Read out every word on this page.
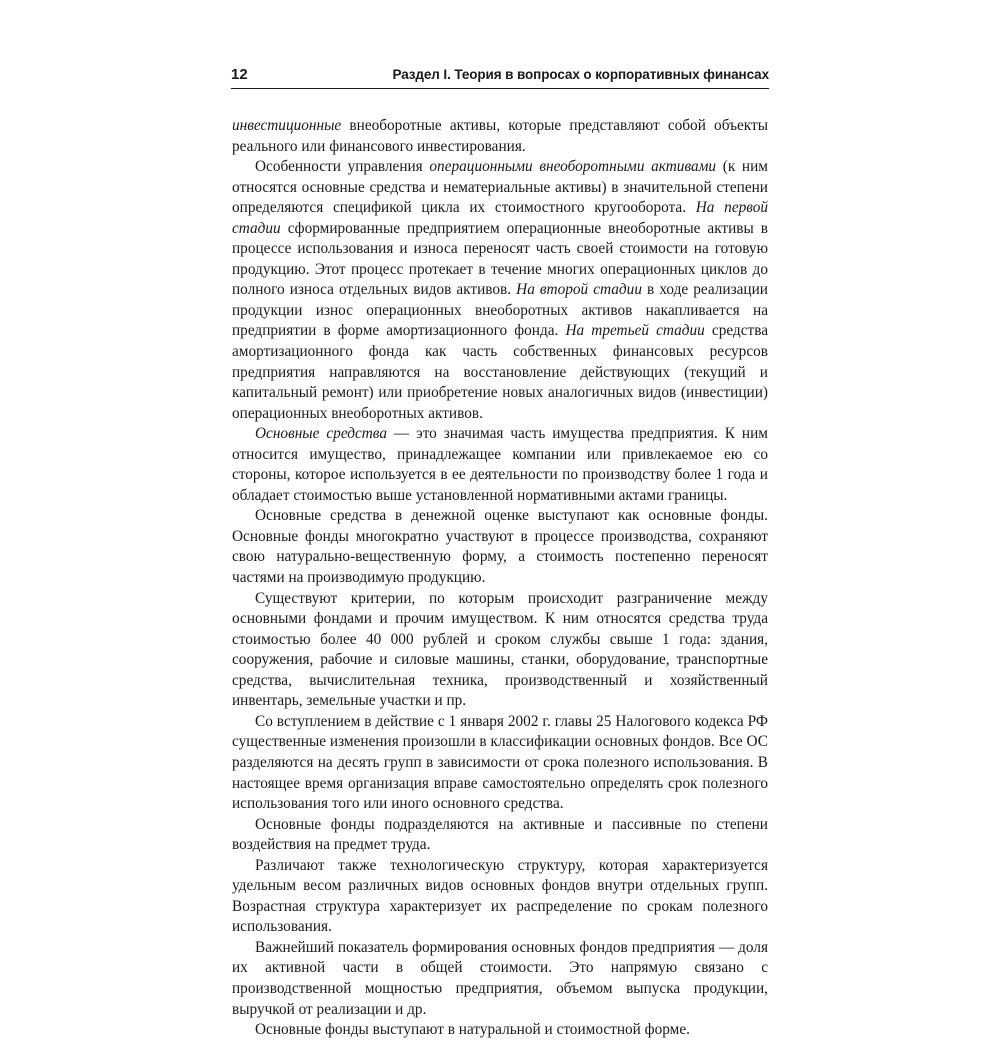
12	Раздел I. Теория в вопросах о корпоративных финансах

инвестиционные внеоборотные активы, которые представляют собой объекты реального или финансового инвестирования.

Особенности управления операционными внеоборотными активами (к ним относятся основные средства и нематериальные активы) в значительной степени определяются спецификой цикла их стоимостного кругооборота. На первой стадии сформированные предприятием операционные внеоборотные активы в процессе использования и износа переносят часть своей стоимости на готовую продукцию. Этот процесс протекает в течение многих операционных циклов до полного износа отдельных видов активов. На второй стадии в ходе реализации продукции износ операционных внеоборотных активов накапливается на предприятии в форме амортизационного фонда. На третьей стадии средства амортизационного фонда как часть собственных финансовых ресурсов предприятия направляются на восстановление действующих (текущий и капитальный ремонт) или приобретение новых аналогичных видов (инвестиции) операционных внеоборотных активов.

Основные средства — это значимая часть имущества предприятия. К ним относится имущество, принадлежащее компании или привлекаемое ею со стороны, которое используется в ее деятельности по производству более 1 года и обладает стоимостью выше установленной нормативными актами границы.

Основные средства в денежной оценке выступают как основные фонды. Основные фонды многократно участвуют в процессе производства, сохраняют свою натурально-вещественную форму, а стоимость постепенно переносят частями на производимую продукцию.

Существуют критерии, по которым происходит разграничение между основными фондами и прочим имуществом. К ним относятся средства труда стоимостью более 40 000 рублей и сроком службы свыше 1 года: здания, сооружения, рабочие и силовые машины, станки, оборудование, транспортные средства, вычислительная техника, производственный и хозяйственный инвентарь, земельные участки и пр.

Со вступлением в действие с 1 января 2002 г. главы 25 Налогового кодекса РФ существенные изменения произошли в классификации основных фондов. Все ОС разделяются на десять групп в зависимости от срока полезного использования. В настоящее время организация вправе самостоятельно определять срок полезного использования того или иного основного средства.

Основные фонды подразделяются на активные и пассивные по степени воздействия на предмет труда.

Различают также технологическую структуру, которая характеризуется удельным весом различных видов основных фондов внутри отдельных групп. Возрастная структура характеризует их распределение по срокам полезного использования.

Важнейший показатель формирования основных фондов предприятия — доля их активной части в общей стоимости. Это напрямую связано с производственной мощностью предприятия, объемом выпуска продукции, выручкой от реализации и др.

Основные фонды выступают в натуральной и стоимостной форме.
